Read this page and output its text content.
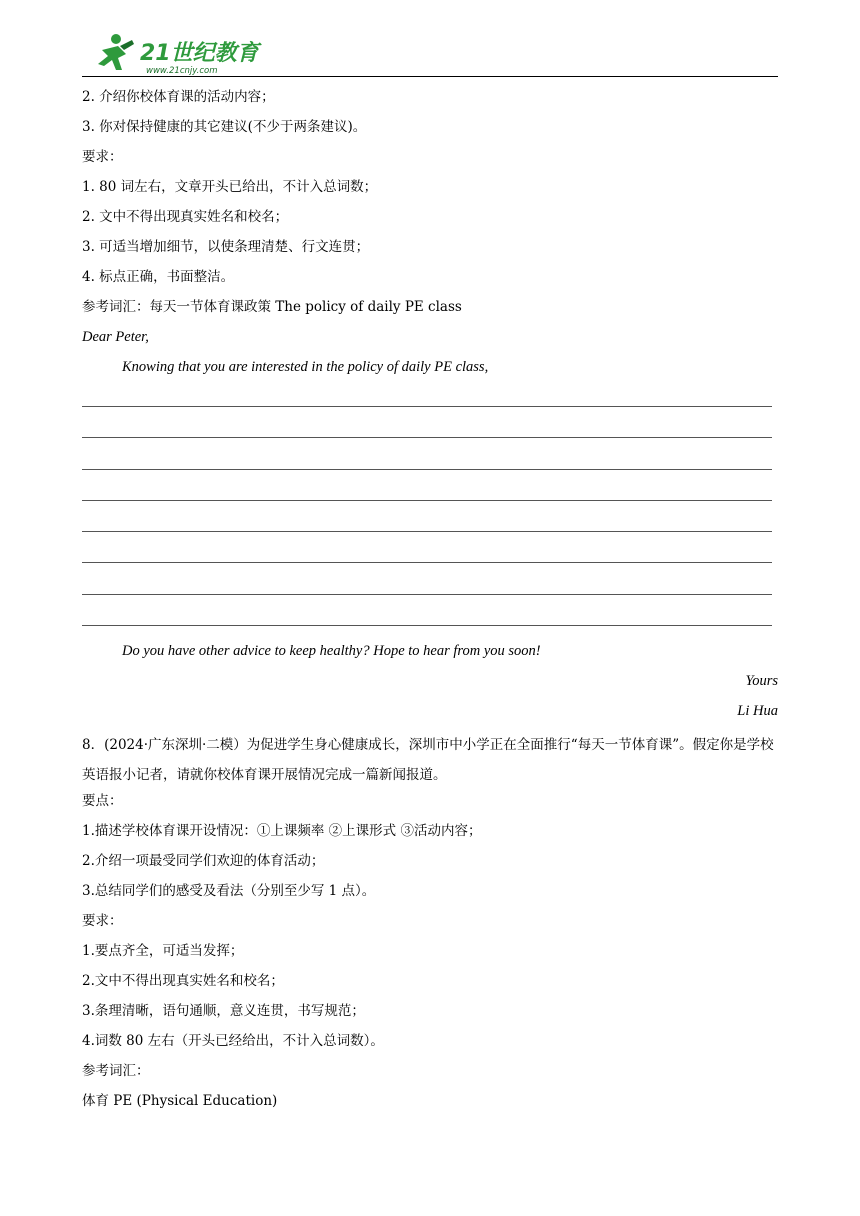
21世纪教育
www.21cnjy.com
2. 介绍你校体育课的活动内容；
3. 你对保持健康的其它建议(不少于两条建议)。
要求：
1. 80 词左右，文章开头已给出，不计入总词数；
2. 文中不得出现真实姓名和校名；
3. 可适当增加细节，以使条理清楚、行文连贯；
4. 标点正确，书面整洁。
参考词汇：每天一节体育课政策 The policy of daily PE class
Dear Peter,
Knowing that you are interested in the policy of daily PE class,
Do you have other advice to keep healthy? Hope to hear from you soon!
Yours
Li Hua
8．(2024·广东深圳·二模）为促进学生身心健康成长，深圳市中小学正在全面推行“每天一节体育课”。假定你是学校英语报小记者，请就你校体育课开展情况完成一篇新闻报道。
要点：
1.描述学校体育课开设情况：①上课频率 ②上课形式 ③活动内容；
2.介绍一项最受同学们欢迎的体育活动；
3.总结同学们的感受及看法（分别至少写 1 点）。
要求：
1.要点齐全，可适当发挥；
2.文中不得出现真实姓名和校名；
3.条理清晰，语句通顺，意义连贯，书写规范；
4.词数 80 左右（开头已经给出，不计入总词数）。
参考词汇：
体育 PE (Physical Education)
